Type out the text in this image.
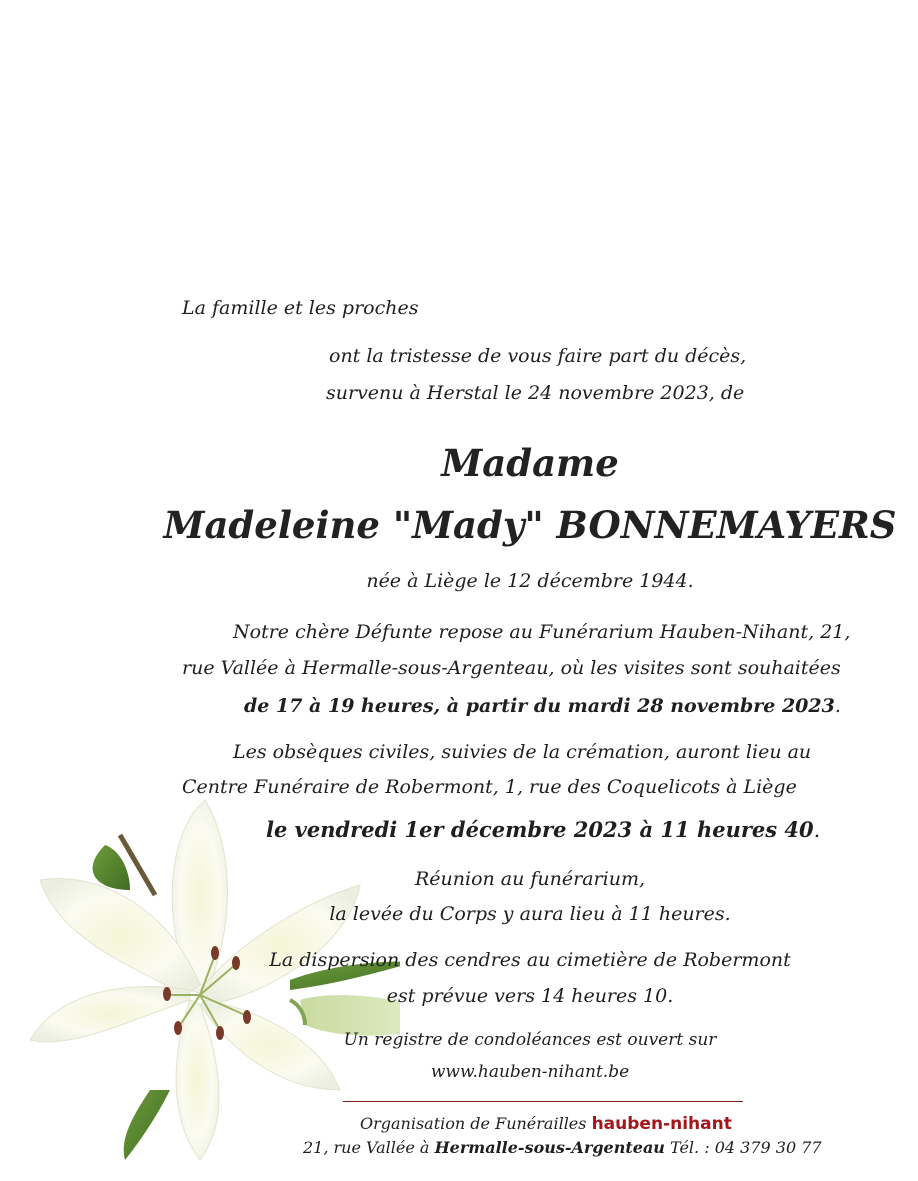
La famille et les proches
ont la tristesse de vous faire part du décès,
survenu à Herstal le 24 novembre 2023, de
Madame
Madeleine "Mady" BONNEMAYERS
née à Liège le 12 décembre 1944.
Notre chère Défunte repose au Funérarium Hauben-Nihant, 21,
rue Vallée à Hermalle-sous-Argenteau, où les visites sont souhaitées
de 17 à 19 heures, à partir du mardi 28 novembre 2023.
Les obsèques civiles, suivies de la crémation, auront lieu au
Centre Funéraire de Robermont, 1, rue des Coquelicots à Liège
le vendredi 1er décembre 2023 à 11 heures 40.
Réunion au funérarium,
la levée du Corps y aura lieu à 11 heures.
La dispersion des cendres au cimetière de Robermont
est prévue vers 14 heures 10.
Un registre de condoléances est ouvert sur
www.hauben-nihant.be
Organisation de Funérailles hauben-nihant
21, rue Vallée à Hermalle-sous-Argenteau Tél. : 04 379 30 77
